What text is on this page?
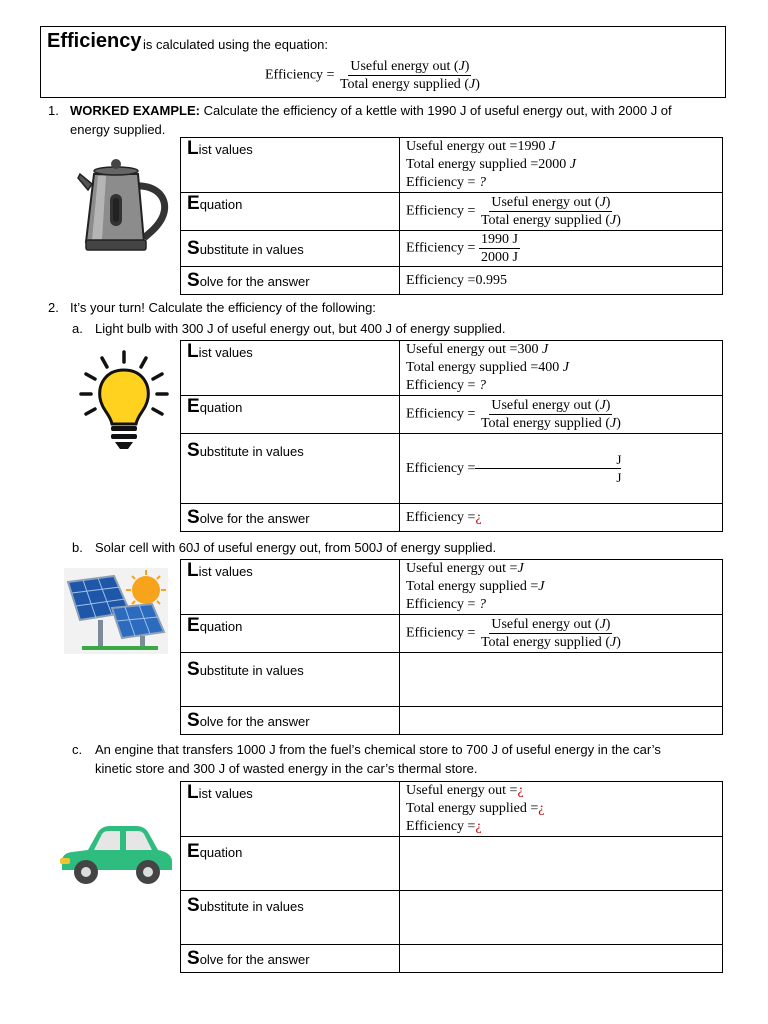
Efficiency is calculated using the equation:
Efficiency = $\frac{\text{Useful energy out (J)}}{\text{Total energy supplied (J)}}$
1. WORKED EXAMPLE: Calculate the efficiency of a kettle with 1990 J of useful energy out, with 2000 J of
energy supplied.
List values	Useful energy out =1990 J
Total energy supplied =2000 J
Efficiency = ?

Equation	Efficiency = $\frac{\text{Useful energy out (J)}}{\text{Total energy supplied (J)}}$

Substitute in values	Efficiency = $\frac{1990 J}{2000 J}$

Solve for the answer	Efficiency =0.995
2. It’s your turn! Calculate the efficiency of the following:
a. Light bulb with 300 J of useful energy out, but 400 J of energy supplied.
List values	Useful energy out =300 J
Total energy supplied =400 J
Efficiency = ?

Equation	Efficiency = $\frac{\text{Useful energy out (J)}}{\text{Total energy supplied (J)}}$

Substitute in values	Efficiency = $\frac{J}{J}$

Solve for the answer	Efficiency =¿
b. Solar cell with 60J of useful energy out, from 500J of energy supplied.
List values	Useful energy out =J
Total energy supplied =J
Efficiency = ?

Equation	Efficiency = $\frac{\text{Useful energy out (J)}}{\text{Total energy supplied (J)}}$

Substitute in values	
Solve for the answer	
c. An engine that transfers 1000 J from the fuel’s chemical store to 700 J of useful energy in the car’s
kinetic store and 300 J of wasted energy in the car’s thermal store.
List values	Useful energy out =¿
Total energy supplied =¿
Efficiency =¿

Equation	
Substitute in values	
Solve for the answer	
